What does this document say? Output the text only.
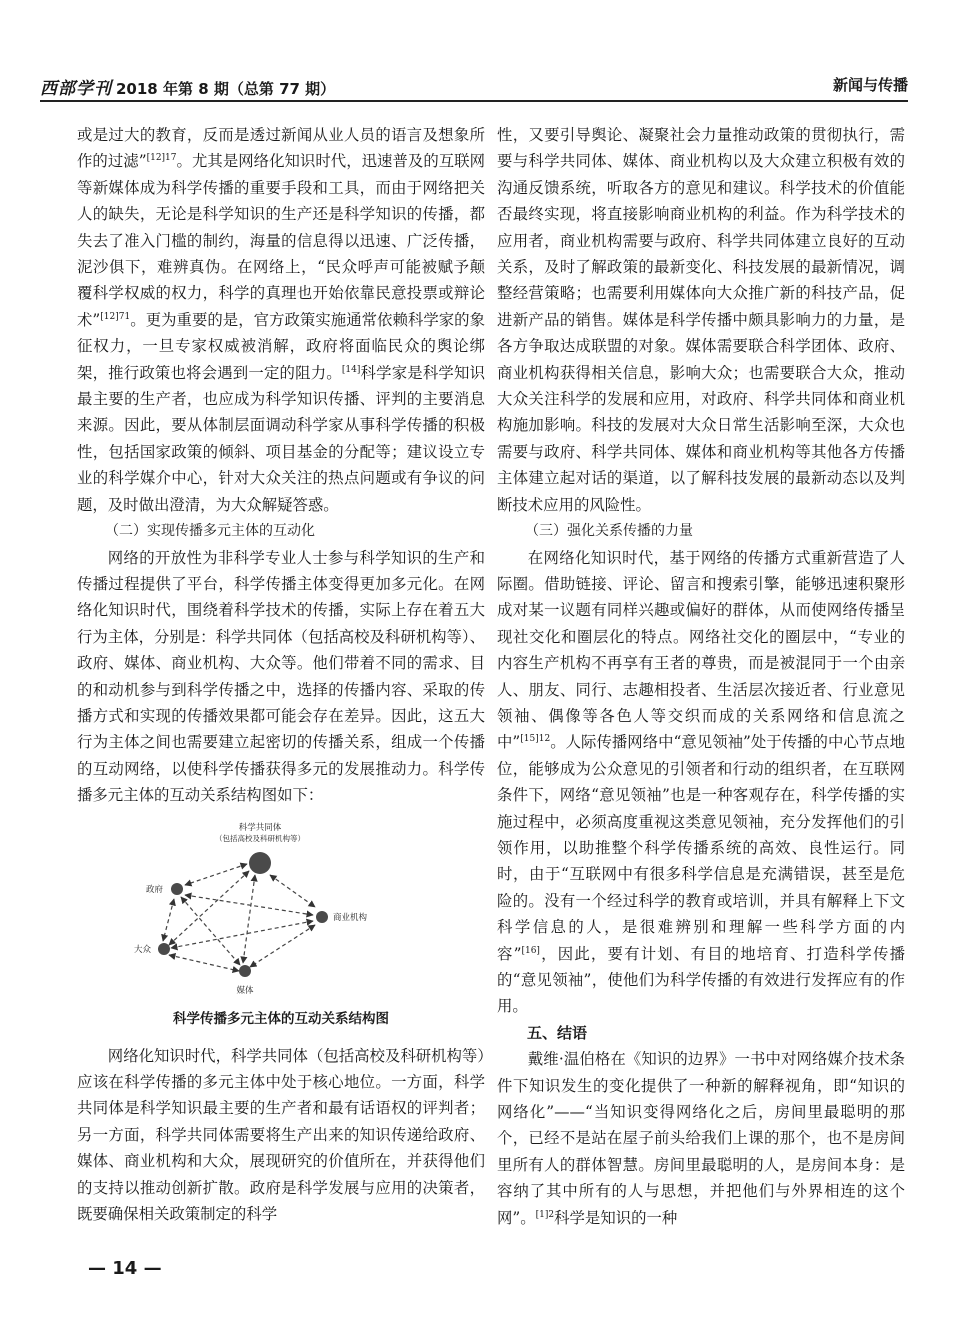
西部学刊 2018 年第 8 期（总第 77 期）	新闻与传播

或是过大的教育，反而是透过新闻从业人员的语言及想象所作的过滤”$^{[12]17}$。尤其是网络化知识时代，迅速普及的互联网等新媒体成为科学传播的重要手段和工具，而由于网络把关人的缺失，无论是科学知识的生产还是科学知识的传播，都失去了准入门槛的制约，海量的信息得以迅速、广泛传播，泥沙俱下，难辨真伪。在网络上，“民众呼声可能被赋予颠覆科学权威的权力，科学的真理也开始依靠民意投票或辩论术”$^{[12]71}$。更为重要的是，官方政策实施通常依赖科学家的象征权力，一旦专家权威被消解，政府将面临民众的舆论绑架，推行政策也将会遇到一定的阻力。[14]科学家是科学知识最主要的生产者，也应成为科学知识传播、评判的主要消息来源。因此，要从体制层面调动科学家从事科学传播的积极性，包括国家政策的倾斜、项目基金的分配等；建议设立专业的科学媒介中心，针对大众关注的热点问题或有争议的问题，及时做出澄清，为大众解疑答惑。

（二）实现传播多元主体的互动化

网络的开放性为非科学专业人士参与科学知识的生产和传播过程提供了平台，科学传播主体变得更加多元化。在网络化知识时代，围绕着科学技术的传播，实际上存在着五大行为主体，分别是：科学共同体（包括高校及科研机构等）、政府、媒体、商业机构、大众等。他们带着不同的需求、目的和动机参与到科学传播之中，选择的传播内容、采取的传播方式和实现的传播效果都可能会存在差异。因此，这五大行为主体之间也需要建立起密切的传播关系，组成一个传播的互动网络，以使科学传播获得多元的发展推动力。科学传播多元主体的互动关系结构图如下：

科学共同体
（包括高校及科研机构等）
政府
商业机构
大众
媒体

科学传播多元主体的互动关系结构图

网络化知识时代，科学共同体（包括高校及科研机构等）应该在科学传播的多元主体中处于核心地位。一方面，科学共同体是科学知识最主要的生产者和最有话语权的评判者；另一方面，科学共同体需要将生产出来的知识传递给政府、媒体、商业机构和大众，展现研究的价值所在，并获得他们的支持以推动创新扩散。政府是科学发展与应用的决策者，既要确保相关政策制定的科学

性，又要引导舆论、凝聚社会力量推动政策的贯彻执行，需要与科学共同体、媒体、商业机构以及大众建立积极有效的沟通反馈系统，听取各方的意见和建议。科学技术的价值能否最终实现，将直接影响商业机构的利益。作为科学技术的应用者，商业机构需要与政府、科学共同体建立良好的互动关系，及时了解政策的最新变化、科技发展的最新情况，调整经营策略；也需要利用媒体向大众推广新的科技产品，促进新产品的销售。媒体是科学传播中颇具影响力的力量，是各方争取达成联盟的对象。媒体需要联合科学团体、政府、商业机构获得相关信息，影响大众；也需要联合大众，推动大众关注科学的发展和应用，对政府、科学共同体和商业机构施加影响。科技的发展对大众日常生活影响至深，大众也需要与政府、科学共同体、媒体和商业机构等其他各方传播主体建立起对话的渠道，以了解科技发展的最新动态以及判断技术应用的风险性。

（三）强化关系传播的力量

在网络化知识时代，基于网络的传播方式重新营造了人际圈。借助链接、评论、留言和搜索引擎，能够迅速积聚形成对某一议题有同样兴趣或偏好的群体，从而使网络传播呈现社交化和圈层化的特点。网络社交化的圈层中，“专业的内容生产机构不再享有王者的尊贵，而是被混同于一个由亲人、朋友、同行、志趣相投者、生活层次接近者、行业意见领袖、偶像等各色人等交织而成的关系网络和信息流之中”$^{[15]12}$。人际传播网络中“意见领袖”处于传播的中心节点地位，能够成为公众意见的引领者和行动的组织者，在互联网条件下，网络“意见领袖”也是一种客观存在，科学传播的实施过程中，必须高度重视这类意见领袖，充分发挥他们的引领作用，以助推整个科学传播系统的高效、良性运行。同时，由于“互联网中有很多科学信息是充满错误，甚至是危险的。没有一个经过科学的教育或培训，并具有解释上下文科学信息的人，是很难辨别和理解一些科学方面的内容”[16]，因此，要有计划、有目的地培育、打造科学传播的“意见领袖”，使他们为科学传播的有效进行发挥应有的作用。

五、结语

戴维·温伯格在《知识的边界》一书中对网络媒介技术条件下知识发生的变化提供了一种新的解释视角，即“知识的网络化”——“当知识变得网络化之后，房间里最聪明的那个，已经不是站在屋子前头给我们上课的那个，也不是房间里所有人的群体智慧。房间里最聪明的人，是房间本身：是容纳了其中所有的人与思想，并把他们与外界相连的这个网”。$^{[1]2}$科学是知识的一种

— 14 —
